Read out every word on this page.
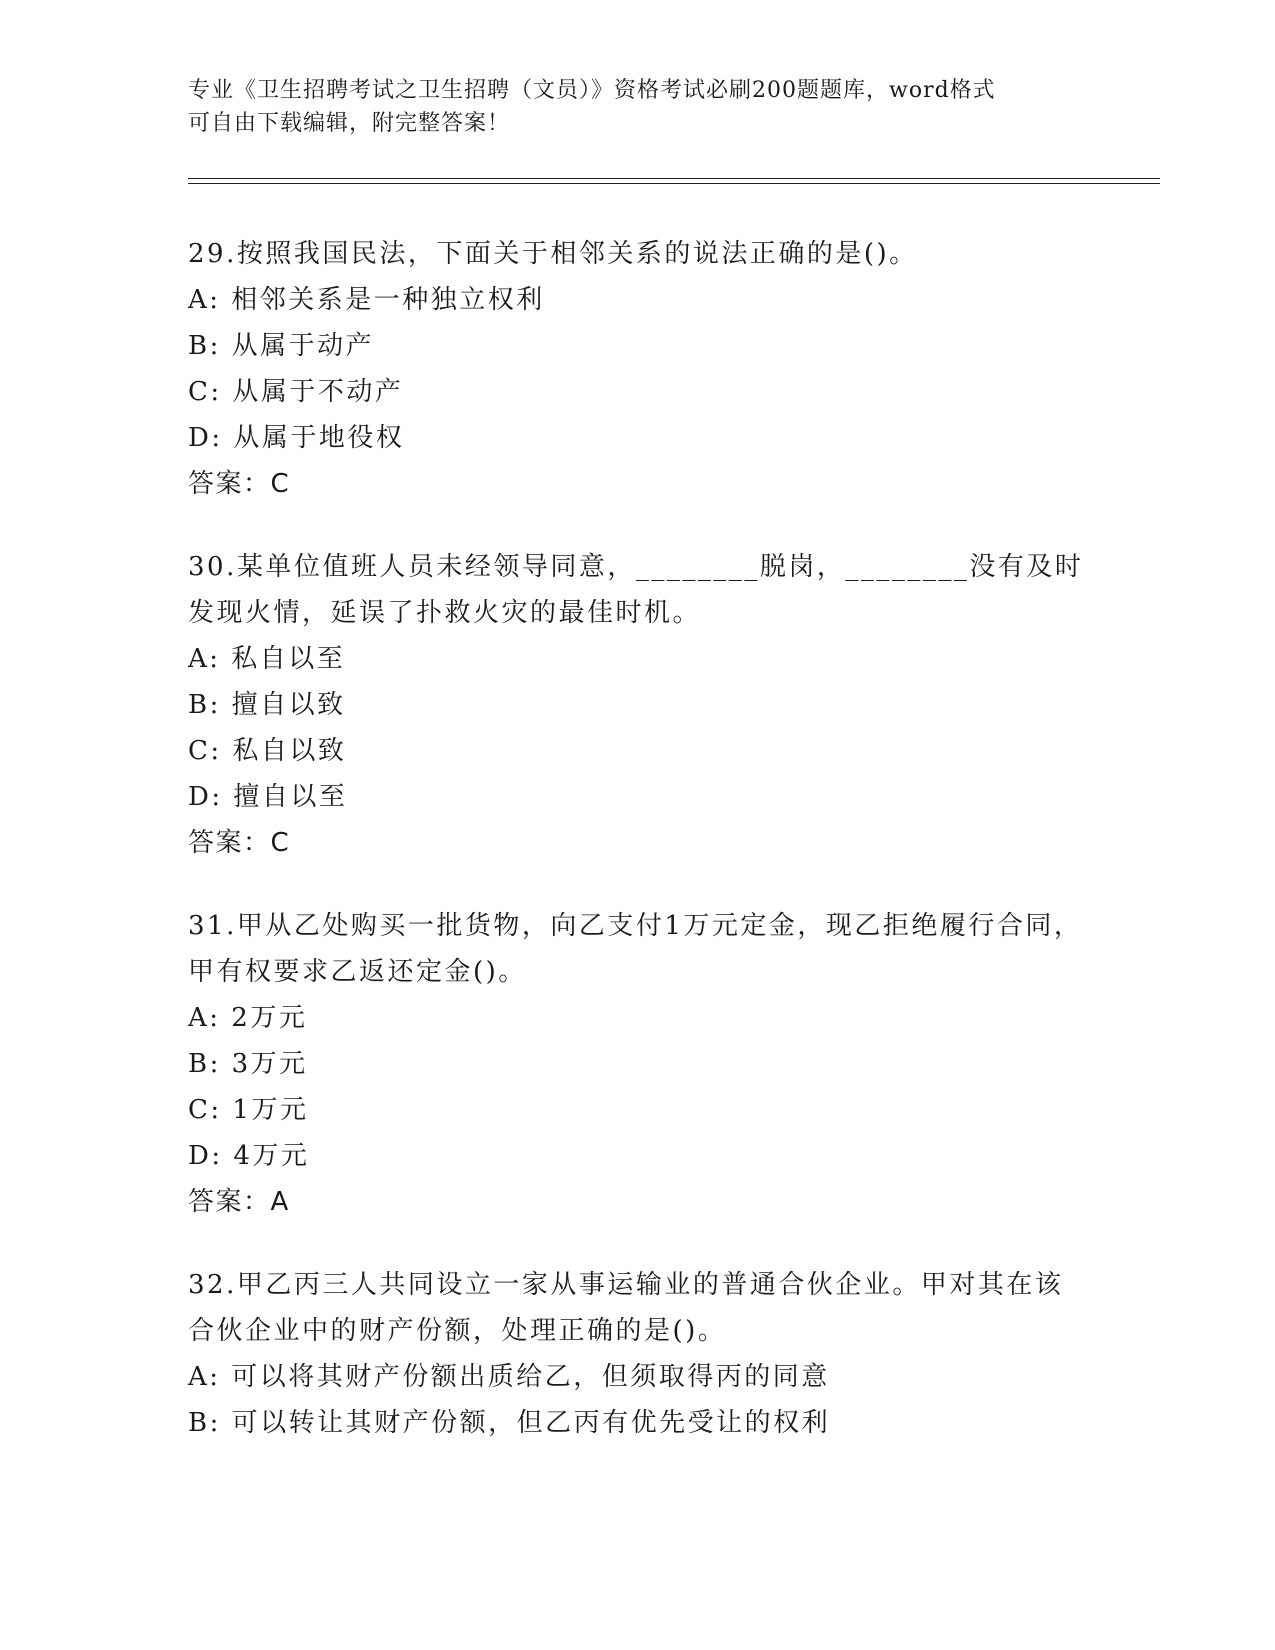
专业《卫生招聘考试之卫生招聘（文员）》资格考试必刷200题题库，word格式
可自由下载编辑，附完整答案！
29.按照我国民法，下面关于相邻关系的说法正确的是()。
A: 相邻关系是一种独立权利
B: 从属于动产
C: 从属于不动产
D: 从属于地役权
答案：C
30.某单位值班人员未经领导同意，________脱岗，________没有及时发现火情，延误了扑救火灾的最佳时机。
A: 私自以至
B: 擅自以致
C: 私自以致
D: 擅自以至
答案：C
31.甲从乙处购买一批货物，向乙支付1万元定金，现乙拒绝履行合同，甲有权要求乙返还定金()。
A: 2万元
B: 3万元
C: 1万元
D: 4万元
答案：A
32.甲乙丙三人共同设立一家从事运输业的普通合伙企业。甲对其在该合伙企业中的财产份额，处理正确的是()。
A: 可以将其财产份额出质给乙，但须取得丙的同意
B: 可以转让其财产份额，但乙丙有优先受让的权利
